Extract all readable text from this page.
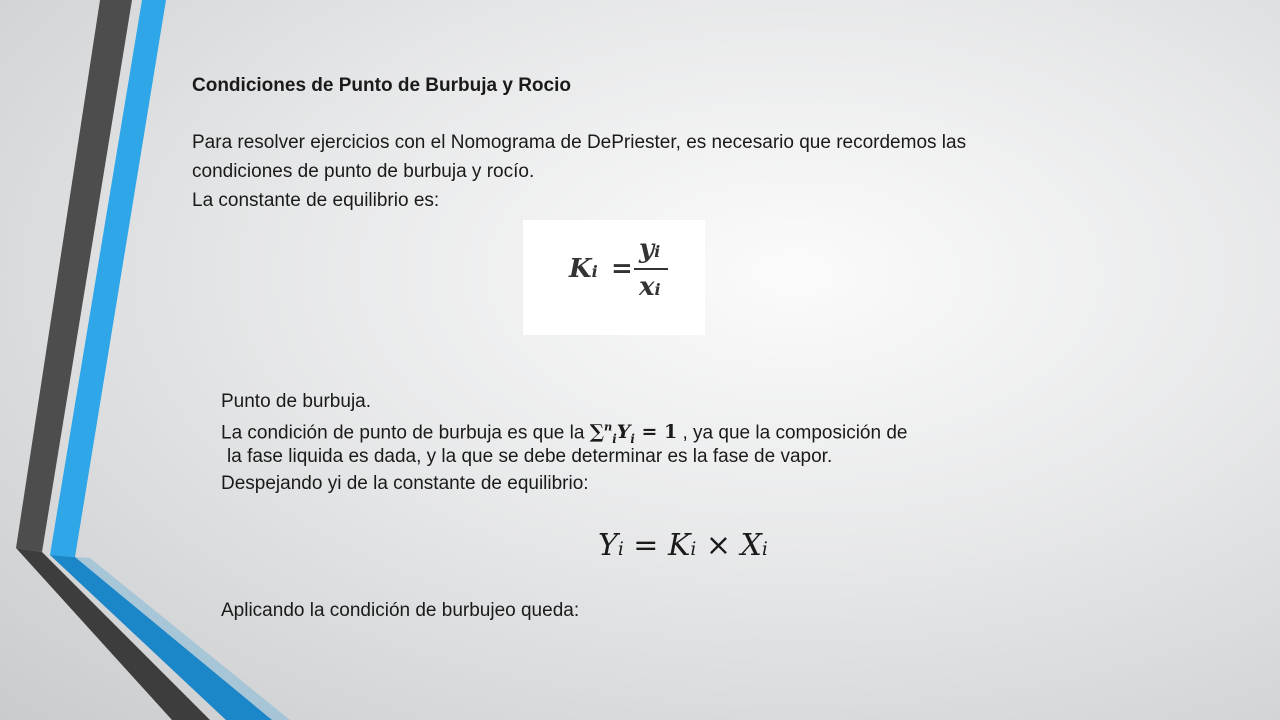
Condiciones de Punto de Burbuja y Rocio
Para resolver ejercicios con el Nomograma de DePriester, es necesario que recordemos las
condiciones de punto de burbuja y rocío.
La constante de equilibrio es:
Ki =
yi
xi
Punto de burbuja.
La condición de punto de burbuja es que la $\sum^n_iY_i = 1$ , ya que la composición de
la fase liquida es dada, y la que se debe determinar es la fase de vapor.
Despejando yi de la constante de equilibrio:
Yi = Ki × Xi
Aplicando la condición de burbujeo queda:
